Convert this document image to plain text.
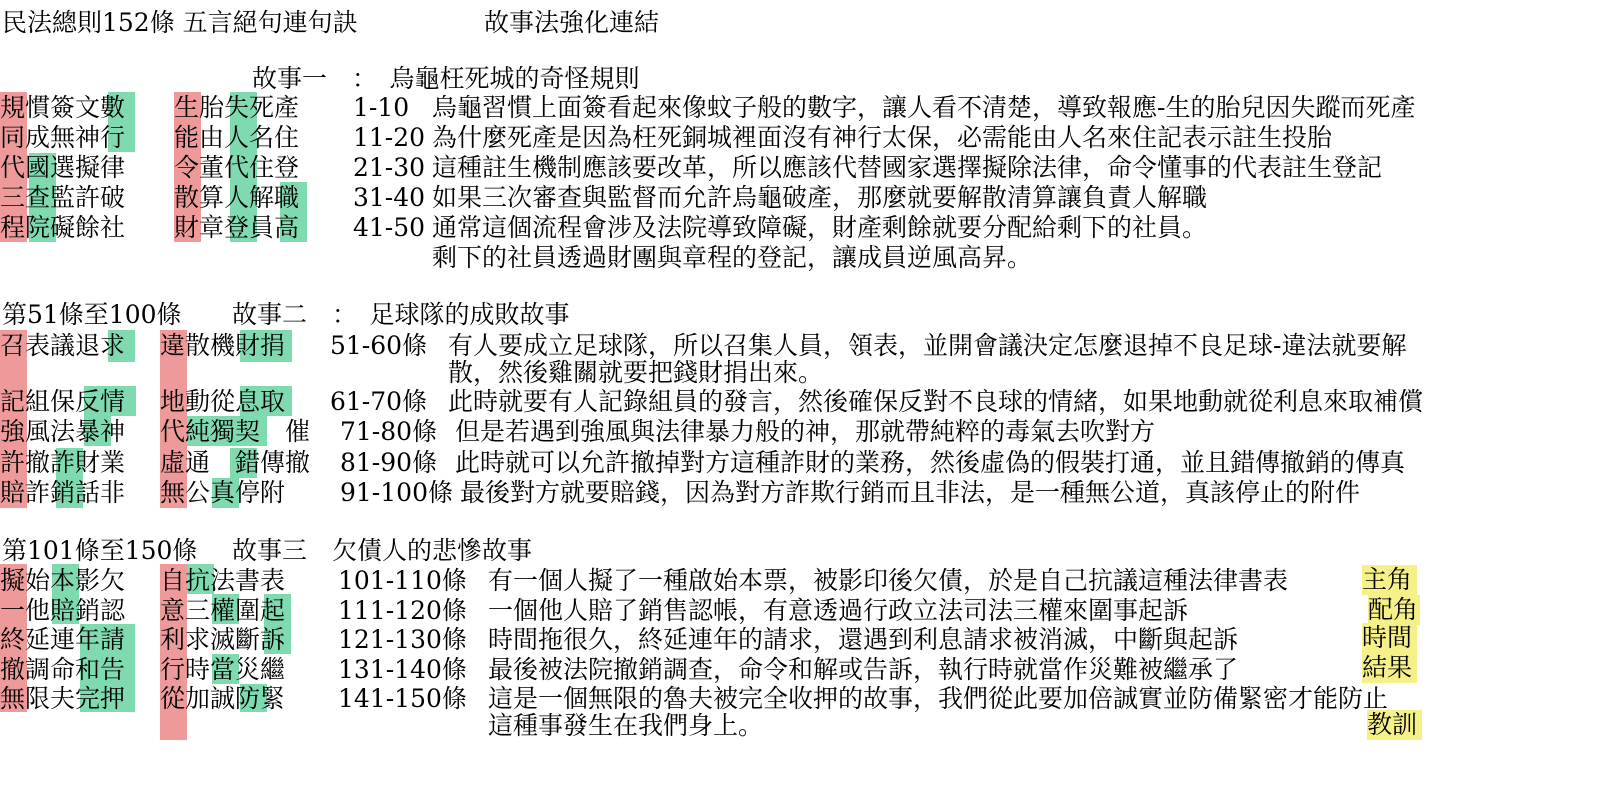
民法總則152條 五言絕句連句訣	故事法強化連結
故事一　：　烏龜枉死城的奇怪規則
規慣簽文數 生胎失死產 1-10 烏龜習慣上面簽看起來像蚊子般的數字，讓人看不清楚，導致報應-生的胎兒因失蹤而死產
同成無神行 能由人名住 11-20 為什麼死產是因為枉死銅城裡面沒有神行太保，必需能由人名來住記表示註生投胎
代國選擬律 令董代住登 21-30 這種註生機制應該要改革，所以應該代替國家選擇擬除法律，命令懂事的代表註生登記
三查監許破 散算人解職 31-40 如果三次審查與監督而允許烏龜破產，那麼就要解散清算讓負責人解職
程院礙餘社 財章登員高 41-50 通常這個流程會涉及法院導致障礙，財產剩餘就要分配給剩下的社員。
剩下的社員透過財團與章程的登記，讓成員逆風高昇。
第51條至100條 故事二　：　足球隊的成敗故事
召表議退求 違散機財捐 51-60條 有人要成立足球隊，所以召集人員，領表，並開會議決定怎麼退掉不良足球-違法就要解
散，然後雞關就要把錢財捐出來。
記組保反情 地動從息取 61-70條 此時就要有人記錄組員的發言，然後確保反對不良球的情緒，如果地動就從利息來取補償
強風法暴神 代純獨契　催 71-80條 但是若遇到強風與法律暴力般的神，那就帶純粹的毒氣去吹對方
許撤詐財業 虛通　錯傳撤 81-90條 此時就可以允許撤掉對方這種詐財的業務，然後虛偽的假裝打通，並且錯傳撤銷的傳真
賠詐銷話非 無公真停附 91-100條 最後對方就要賠錢，因為對方詐欺行銷而且非法，是一種無公道，真該停止的附件
第101條至150條 故事三　欠債人的悲慘故事
擬始本影欠 自抗法書表 101-110條 有一個人擬了一種啟始本票，被影印後欠債，於是自己抗議這種法律書表	主角
一他賠銷認 意三權圍起 111-120條 一個他人賠了銷售認帳，有意透過行政立法司法三權來圍事起訴	配角
終延連年請 利求滅斷訴 121-130條 時間拖很久，終延連年的請求，還遇到利息請求被消滅，中斷與起訴	時間
撤調命和告 行時當災繼 131-140條 最後被法院撤銷調查，命令和解或告訴，執行時就當作災難被繼承了	結果
無限夫完押 從加誠防緊 141-150條 這是一個無限的魯夫被完全收押的故事，我們從此要加倍誠實並防備緊密才能防止
這種事發生在我們身上。	教訓
